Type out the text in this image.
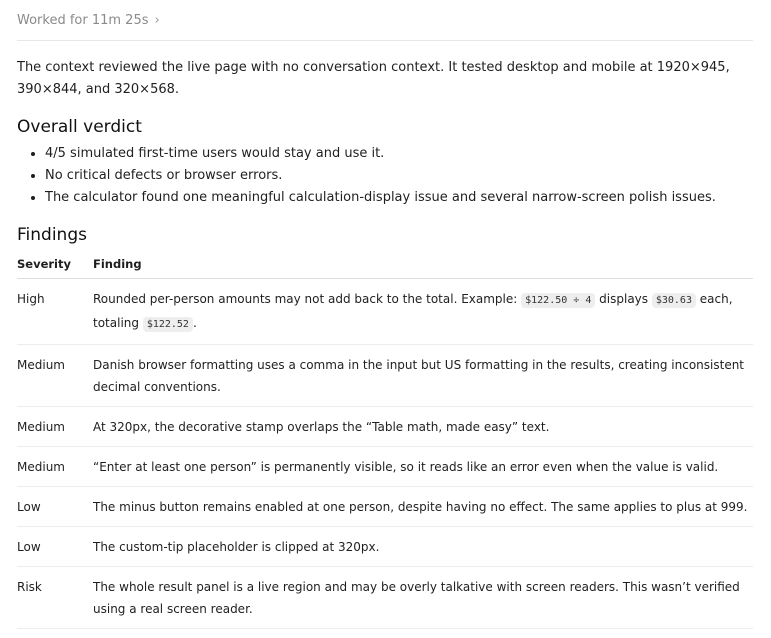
Worked for 11m 25s ›

The context reviewed the live page with no conversation context. It tested desktop and mobile at 1920×945, 390×844, and 320×568.

Overall verdict
• 4/5 simulated first-time users would stay and use it.
• No critical defects or browser errors.
• The calculator found one meaningful calculation-display issue and several narrow-screen polish issues.
Findings
Severity	Finding
High	Rounded per-person amounts may not add back to the total. Example: $122.50 ÷ 4 displays $30.63 each, totaling $122.52 .
Medium	Danish browser formatting uses a comma in the input but US formatting in the results, creating inconsistent decimal conventions.
Medium	At 320px, the decorative stamp overlaps the “Table math, made easy” text.
Medium	“Enter at least one person” is permanently visible, so it reads like an error even when the value is valid.
Low	The minus button remains enabled at one person, despite having no effect. The same applies to plus at 999.
Low	The custom-tip placeholder is clipped at 320px.
Risk	The whole result panel is a live region and may be overly talkative with screen readers. This wasn’t verified using a real screen reader.
